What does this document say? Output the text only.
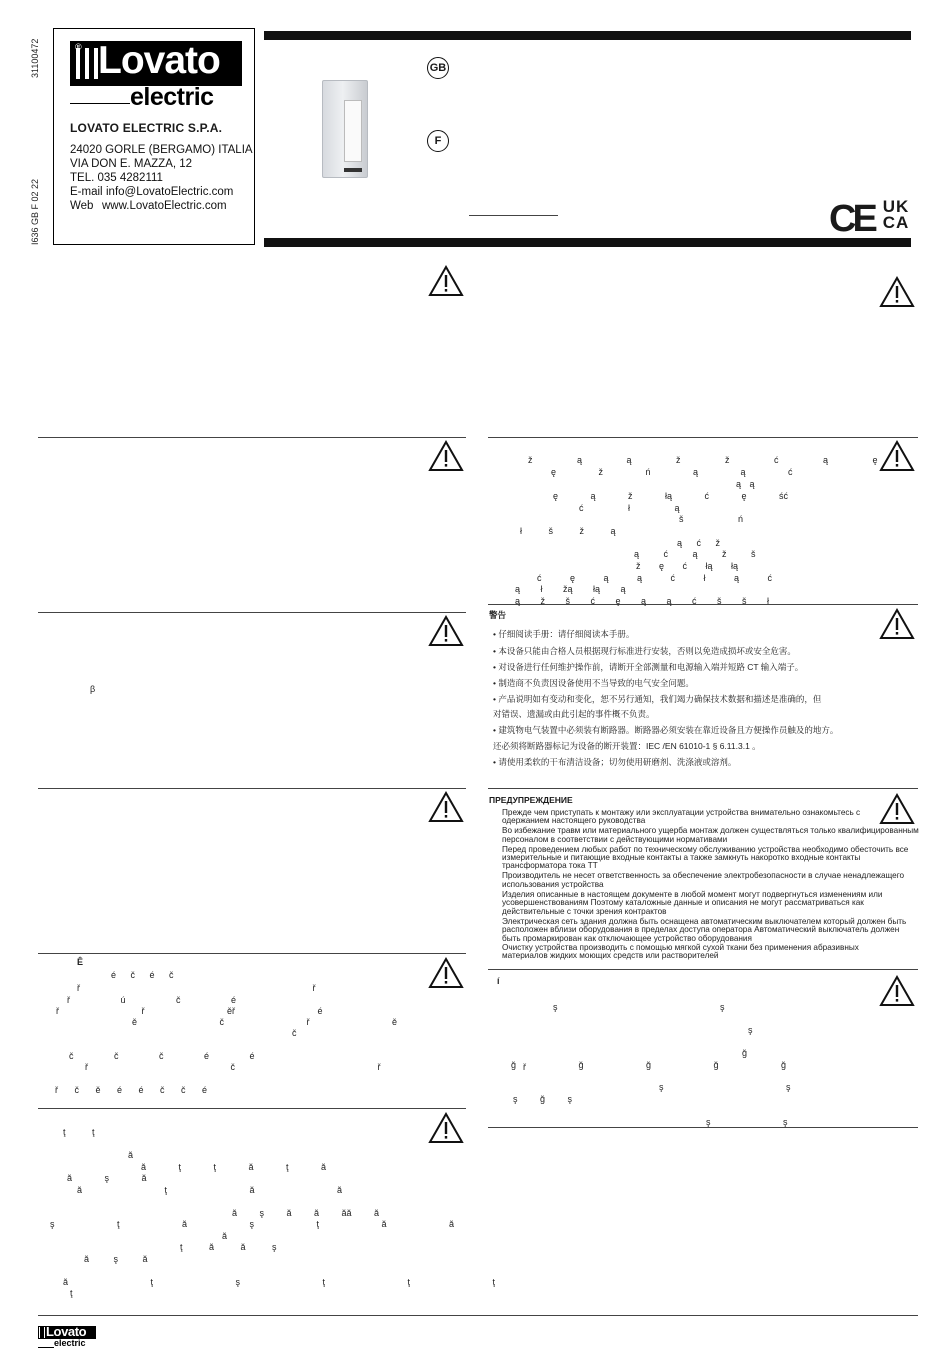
31100472
I636 GB F 02 22
® Lovato
electric
LOVATO ELECTRIC S.P.A.
24020 GORLE (BERGAMO) ITALIA
VIA DON E. MAZZA, 12
TEL. 035 4282111
E-mail info@LovatoElectric.com
Web www.LovatoElectric.com
GB
F
CE UK
CA
β
ž ą ą ž ž ć ą ę
ę ž ń ą ą ć
ą ą
ę ą ž łą ć ę ść
ć ł ą
š ń
ł š ž ą
ą ć ž
ą ć ą ž š
ž ę ć łą łą
ć ę ą ą ć ł ą ć
ą ł žą łą ą
ą ž š ć ę ą ą ć š š ł
警告
• 仔细阅读手册：请仔细阅读本手册。
• 本设备只能由合格人员根据现行标准进行安装，否则以免造成损坏或安全危害。
• 对设备进行任何维护操作前，请断开全部测量和电源输入端并短路 CT 输入端子。
• 制造商不负责因设备使用不当导致的电气安全问题。
• 产品说明如有变动和变化，恕不另行通知，我们竭力确保技术数据和描述是准确的，但
对错误、遗漏或由此引起的事件概不负责。
• 建筑物电气装置中必须装有断路器。断路器必须安装在靠近设备且方便操作员触及的地方。
还必须将断路器标记为设备的断开装置：IEC /EN 61010-1 § 6.11.3.1 。
• 请使用柔软的干布清洁设备；切勿使用研磨剂、洗涤液或溶剂。
ПРЕДУПРЕЖДЕНИЕ
Прежде чем приступать к монтажу или эксплуатации устройства внимательно ознакомьтесь с
одержанием настоящего руководства
Во избежание травм или материального ущерба монтаж должен существляться только квалифицированным
персоналом в соответствии с действующими нормативами
Перед проведением любых работ по техническому обслуживанию устройства необходимо обесточить все
измерительные и питающие входные контакты а также замкнуть накоротко входные контакты
трансформатора тока ТТ
Производитель не несет ответственность за обеспечение электробезопасности в случае ненадлежащего
использования устройства
Изделия описанные в настоящем документе в любой момент могут подвергнуться изменениям или
усовершенствованиям Поэтому каталожные данные и описания не могут рассматриваться как
действительные с точки зрения контрактов
Электрическая сеть здания должна быть оснащена автоматическим выключателем который должен быть
расположен вблизи оборудования в пределах доступа оператора Автоматический выключатель должен
быть промаркирован как отключающее устройство оборудования
Очистку устройства производить с помощью мягкой сухой ткани без применения абразивных
материалов жидких моющих средств или растворителей
Ê
é č é č
ř ř
ř ú č é
ř ř ěř é
ě č ř ě
č
č č č é é
ř č ř ř
ř č ě é é č č é
ţ ţ
ă
ă ţ ţ ă ţ ă
ă ş ă
ă ţ ă ă
ă ş ă ă ăă ă
ş ţ ă ş ţ ă ă
ă
ţ ă ă ş
ă ş ă
ă ţ ş ţ ţ ţ
ţ
í
ş ş
ş
ğ
ğ ğ ğ ğ ğ
ş ş
ş ğ ş
ş ş
Lovato
electric
